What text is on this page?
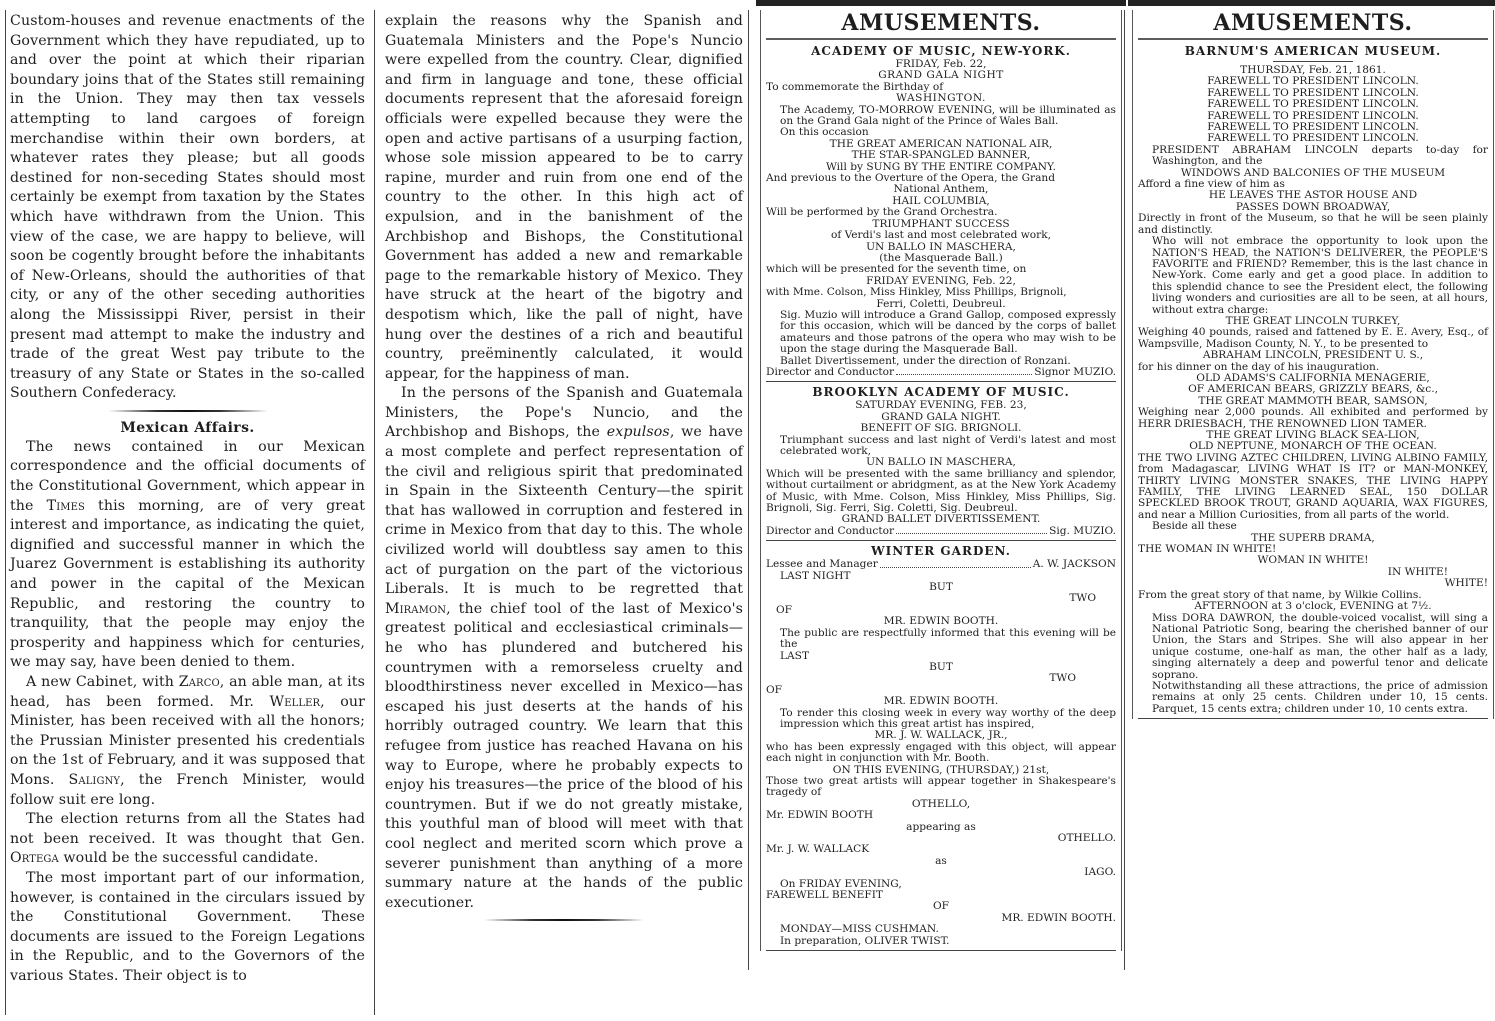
Custom-houses and revenue enactments of the Government which they have repudiated, up to and over the point at which their riparian boundary joins that of the States still remaining in the Union. They may then tax vessels attempting to land cargoes of foreign merchandise within their own borders, at whatever rates they please; but all goods destined for non-seceding States should most certainly be exempt from taxation by the States which have withdrawn from the Union. This view of the case, we are happy to believe, will soon be cogently brought before the inhabitants of New-Orleans, should the authorities of that city, or any of the other seceding authorities along the Mississippi River, persist in their present mad attempt to make the industry and trade of the great West pay tribute to the treasury of any State or States in the so-called Southern Confederacy.

Mexican Affairs.

The news contained in our Mexican correspondence and the official documents of the Constitutional Government, which appear in the Times this morning, are of very great interest and importance, as indicating the quiet, dignified and successful manner in which the Juarez Government is establishing its authority and power in the capital of the Mexican Republic, and restoring the country to tranquility, that the people may enjoy the prosperity and happiness which for centuries, we may say, have been denied to them.

A new Cabinet, with Zarco, an able man, at its head, has been formed. Mr. Weller, our Minister, has been received with all the honors; the Prussian Minister presented his credentials on the 1st of February, and it was supposed that Mons. Saligny, the French Minister, would follow suit ere long.

The election returns from all the States had not been received. It was thought that Gen. Ortega would be the successful candidate.

The most important part of our information, however, is contained in the circulars issued by the Constitutional Government. These documents are issued to the Foreign Legations in the Republic, and to the Governors of the various States. Their object is to

explain the reasons why the Spanish and Guatemala Ministers and the Pope's Nuncio were expelled from the country. Clear, dignified and firm in language and tone, these official documents represent that the aforesaid foreign officials were expelled because they were the open and active partisans of a usurping faction, whose sole mission appeared to be to carry rapine, murder and ruin from one end of the country to the other. In this high act of expulsion, and in the banishment of the Archbishop and Bishops, the Constitutional Government has added a new and remarkable page to the remarkable history of Mexico. They have struck at the heart of the bigotry and despotism which, like the pall of night, have hung over the destines of a rich and beautiful country, preëminently calculated, it would appear, for the happiness of man.

In the persons of the Spanish and Guatemala Ministers, the Pope's Nuncio, and the Archbishop and Bishops, the expulsos, we have a most complete and perfect representation of the civil and religious spirit that predominated in Spain in the Sixteenth Century—the spirit that has wallowed in corruption and festered in crime in Mexico from that day to this. The whole civilized world will doubtless say amen to this act of purgation on the part of the victorious Liberals. It is much to be regretted that Miramon, the chief tool of the last of Mexico's greatest political and ecclesiastical criminals—he who has plundered and butchered his countrymen with a remorseless cruelty and bloodthirstiness never excelled in Mexico—has escaped his just deserts at the hands of his horribly outraged country. We learn that this refugee from justice has reached Havana on his way to Europe, where he probably expects to enjoy his treasures—the price of the blood of his countrymen. But if we do not greatly mistake, this youthful man of blood will meet with that cool neglect and merited scorn which prove a severer punishment than anything of a more summary nature at the hands of the public executioner.

AMUSEMENTS.
ACADEMY OF MUSIC, NEW-YORK.
FRIDAY, Feb. 22,
GRAND GALA NIGHT
To commemorate the Birthday of
WASHINGTON.
The Academy, TO-MORROW EVENING, will be illuminated as on the Grand Gala night of the Prince of Wales Ball.
On this occasion
THE GREAT AMERICAN NATIONAL AIR,
THE STAR-SPANGLED BANNER,
Will by SUNG BY THE ENTIRE COMPANY.
And previous to the Overture of the Opera, the Grand
National Anthem,
HAIL COLUMBIA,
Will be performed by the Grand Orchestra.
TRIUMPHANT SUCCESS
of Verdi's last and most celebrated work,
UN BALLO IN MASCHERA,
(the Masquerade Ball.)
which will be presented for the seventh time, on
FRIDAY EVENING, Feb. 22,
with Mme. Colson, Miss Hinkley, Miss Phillips, Brignoli,
Ferri, Coletti, Deubreul.
Sig. Muzio will introduce a Grand Gallop, composed expressly for this occasion, which will be danced by the corps of ballet amateurs and those patrons of the opera who may wish to be upon the stage during the Masquerade Ball.
Ballet Divertissement, under the direction of Ronzani.
Director and Conductor	Signor MUZIO.
BROOKLYN ACADEMY OF MUSIC.
SATURDAY EVENING, FEB. 23,
GRAND GALA NIGHT.
BENEFIT OF SIG. BRIGNOLI.
Triumphant success and last night of Verdi's latest and most celebrated work,
UN BALLO IN MASCHERA,
Which will be presented with the same brilliancy and splendor, without curtailment or abridgment, as at the New York Academy of Music, with Mme. Colson, Miss Hinkley, Miss Phillips, Sig. Brignoli, Sig. Ferri, Sig. Coletti, Sig. Deubreul.
GRAND BALLET DIVERTISSEMENT.
Director and Conductor	Sig. MUZIO.
WINTER GARDEN.
Lessee and Manager	A. W. JACKSON
LAST NIGHT
BUT
TWO
OF
MR. EDWIN BOOTH.
The public are respectfully informed that this evening will be the
LAST
BUT
TWO
OF
MR. EDWIN BOOTH.
To render this closing week in every way worthy of the deep impression which this great artist has inspired,
MR. J. W. WALLACK, JR.,
who has been expressly engaged with this object, will appear each night in conjunction with Mr. Booth.
ON THIS EVENING, (THURSDAY,) 21st,
Those two great artists will appear together in Shakespeare's tragedy of
OTHELLO,
Mr. EDWIN BOOTH
appearing as
OTHELLO.
Mr. J. W. WALLACK
as
IAGO.
On FRIDAY EVENING,
FAREWELL BENEFIT
OF
MR. EDWIN BOOTH.
MONDAY—MISS CUSHMAN.
In preparation, OLIVER TWIST.
AMUSEMENTS.
BARNUM'S AMERICAN MUSEUM.
THURSDAY, Feb. 21, 1861.
FAREWELL TO PRESIDENT LINCOLN.
FAREWELL TO PRESIDENT LINCOLN.
FAREWELL TO PRESIDENT LINCOLN.
FAREWELL TO PRESIDENT LINCOLN.
FAREWELL TO PRESIDENT LINCOLN.
FAREWELL TO PRESIDENT LINCOLN.
PRESIDENT ABRAHAM LINCOLN departs to-day for Washington, and the
WINDOWS AND BALCONIES OF THE MUSEUM
Afford a fine view of him as
HE LEAVES THE ASTOR HOUSE AND
PASSES DOWN BROADWAY,
Directly in front of the Museum, so that he will be seen plainly and distinctly.
Who will not embrace the opportunity to look upon the NATION'S HEAD, the NATION'S DELIVERER, the PEOPLE'S FAVORITE and FRIEND? Remember, this is the last chance in New-York. Come early and get a good place. In addition to this splendid chance to see the President elect, the following living wonders and curiosities are all to be seen, at all hours, without extra charge:
THE GREAT LINCOLN TURKEY,
Weighing 40 pounds, raised and fattened by E. E. Avery, Esq., of Wampsville, Madison County, N. Y., to be presented to
ABRAHAM LINCOLN, PRESIDENT U. S.,
for his dinner on the day of his inauguration.
OLD ADAMS'S CALIFORNIA MENAGERIE,
OF AMERICAN BEARS, GRIZZLY BEARS, &c.,
THE GREAT MAMMOTH BEAR, SAMSON,
Weighing near 2,000 pounds. All exhibited and performed by HERR DRIESBACH, THE RENOWNED LION TAMER.
THE GREAT LIVING BLACK SEA-LION,
OLD NEPTUNE, MONARCH OF THE OCEAN.
THE TWO LIVING AZTEC CHILDREN, LIVING ALBINO FAMILY, from Madagascar, LIVING WHAT IS IT? or MAN-MONKEY, THIRTY LIVING MONSTER SNAKES, THE LIVING HAPPY FAMILY, THE LIVING LEARNED SEAL, 150 DOLLAR SPECKLED BROOK TROUT, GRAND AQUARIA, WAX FIGURES, and near a Million Curiosities, from all parts of the world.
Beside all these
THE SUPERB DRAMA,
THE WOMAN IN WHITE!
WOMAN IN WHITE!
IN WHITE!
WHITE!
From the great story of that name, by Wilkie Collins.
AFTERNOON at 3 o'clock, EVENING at 7½.
Miss DORA DAWRON, the double-voiced vocalist, will sing a National Patriotic Song, bearing the cherished banner of our Union, the Stars and Stripes. She will also appear in her unique costume, one-half as man, the other half as a lady, singing alternately a deep and powerful tenor and delicate soprano.
Notwithstanding all these attractions, the price of admission remains at only 25 cents. Children under 10, 15 cents. Parquet, 15 cents extra; children under 10, 10 cents extra.
